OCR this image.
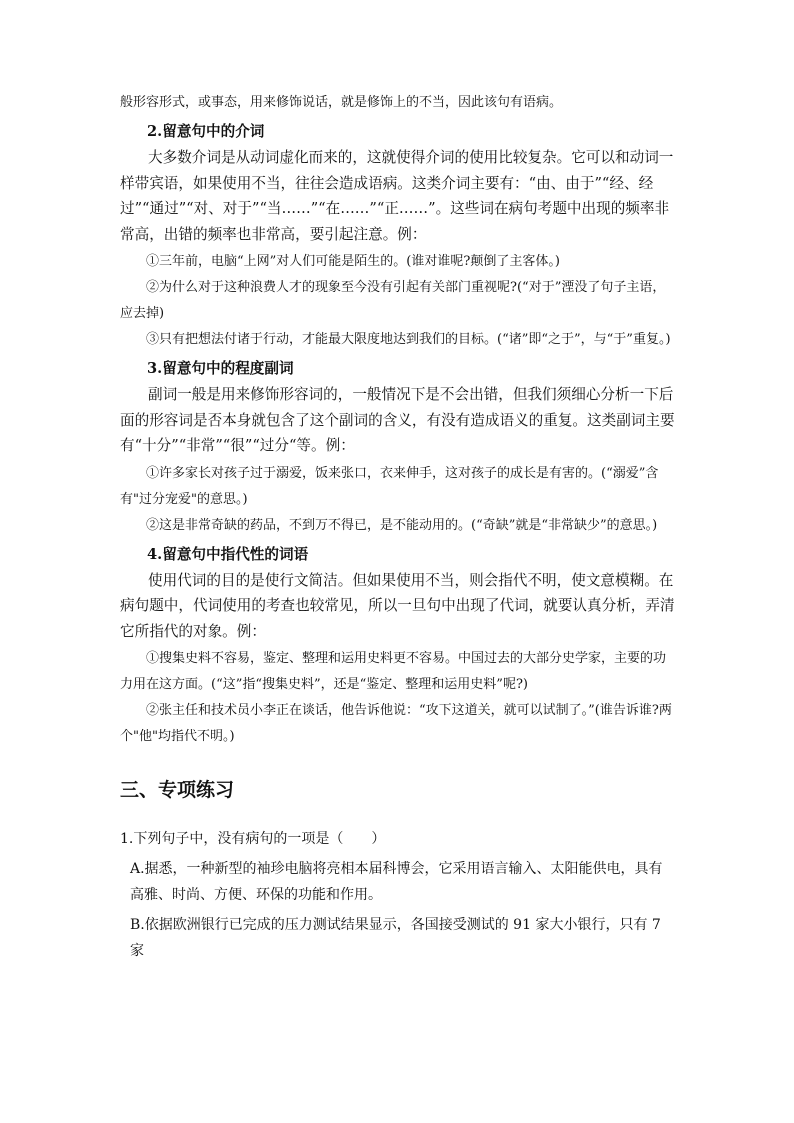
般形容形式，或事态，用来修饰说话，就是修饰上的不当，因此该句有语病。

2.留意句中的介词

大多数介词是从动词虚化而来的，这就使得介词的使用比较复杂。它可以和动词一样带宾语，如果使用不当，往往会造成语病。这类介词主要有：“由、由于”“经、经过”“通过”“对、对于”“当……”“在……”“正……”。这些词在病句考题中出现的频率非常高，出错的频率也非常高，要引起注意。例：

①三年前，电脑“上网”对人们可能是陌生的。(谁对谁呢?颠倒了主客体。)

②为什么对于这种浪费人才的现象至今没有引起有关部门重视呢?(“对于”湮没了句子主语，应去掉)

③只有把想法付诸于行动，才能最大限度地达到我们的目标。(“诸”即“之于”，与“于”重复。)

3.留意句中的程度副词

副词一般是用来修饰形容词的，一般情况下是不会出错，但我们须细心分析一下后面的形容词是否本身就包含了这个副词的含义，有没有造成语义的重复。这类副词主要有“十分”“非常”“很”“过分“等。例：

①许多家长对孩子过于溺爱，饭来张口，衣来伸手，这对孩子的成长是有害的。(“溺爱”含有"过分宠爱"的意思。)

②这是非常奇缺的药品，不到万不得已，是不能动用的。(“奇缺”就是“非常缺少”的意思。)

4.留意句中指代性的词语

使用代词的目的是使行文简洁。但如果使用不当，则会指代不明，使文意模糊。在病句题中，代词使用的考查也较常见，所以一旦句中出现了代词，就要认真分析，弄清它所指代的对象。例：

①搜集史料不容易，鉴定、整理和运用史料更不容易。中国过去的大部分史学家，主要的功力用在这方面。(“这”指“搜集史料”，还是“鉴定、整理和运用史料”呢?)

②张主任和技术员小李正在谈话，他告诉他说：“攻下这道关，就可以试制了。”(谁告诉谁?两个"他"均指代不明。)

三、专项练习

1.下列句子中，没有病句的一项是（　　）

A.据悉，一种新型的袖珍电脑将亮相本届科博会，它采用语言输入、太阳能供电，具有高雅、时尚、方便、环保的功能和作用。

B.依据欧洲银行已完成的压力测试结果显示，各国接受测试的 91 家大小银行，只有 7 家
